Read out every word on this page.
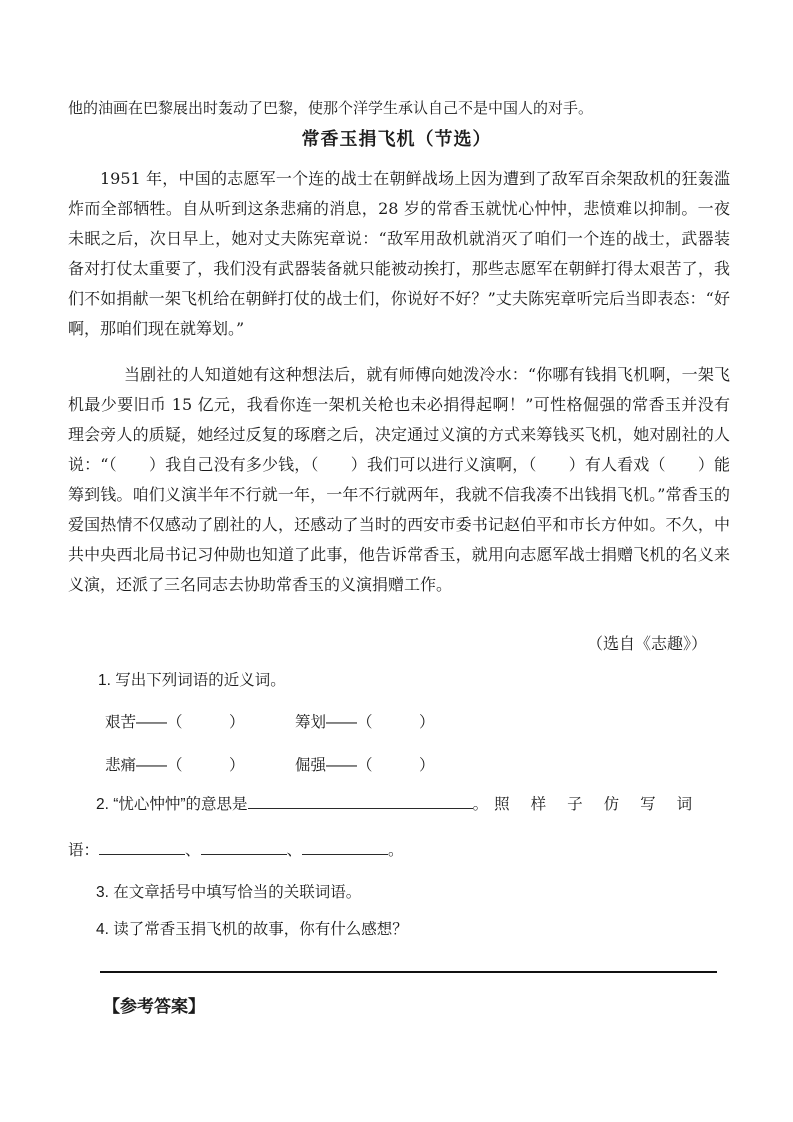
他的油画在巴黎展出时轰动了巴黎，使那个洋学生承认自己不是中国人的对手。

常香玉捐飞机（节选）

1951 年，中国的志愿军一个连的战士在朝鲜战场上因为遭到了敌军百余架敌机的狂轰滥炸而全部牺牲。自从听到这条悲痛的消息，28 岁的常香玉就忧心忡忡，悲愤难以抑制。一夜未眠之后，次日早上，她对丈夫陈宪章说：“敌军用敌机就消灭了咱们一个连的战士，武器装备对打仗太重要了，我们没有武器装备就只能被动挨打，那些志愿军在朝鲜打得太艰苦了，我们不如捐献一架飞机给在朝鲜打仗的战士们，你说好不好？”丈夫陈宪章听完后当即表态：“好啊，那咱们现在就筹划。”

当剧社的人知道她有这种想法后，就有师傅向她泼冷水：“你哪有钱捐飞机啊，一架飞机最少要旧币 15 亿元，我看你连一架机关枪也未必捐得起啊！”可性格倔强的常香玉并没有理会旁人的质疑，她经过反复的琢磨之后，决定通过义演的方式来筹钱买飞机，她对剧社的人说：“（　　）我自己没有多少钱，（　　）我们可以进行义演啊，（　　）有人看戏（　　）能筹到钱。咱们义演半年不行就一年，一年不行就两年，我就不信我凑不出钱捐飞机。”常香玉的爱国热情不仅感动了剧社的人，还感动了当时的西安市委书记赵伯平和市长方仲如。不久，中共中央西北局书记习仲勋也知道了此事，他告诉常香玉，就用向志愿军战士捐赠飞机的名义来义演，还派了三名同志去协助常香玉的义演捐赠工作。

（选自《志趣》）

1. 写出下列词语的近义词。
艰苦——（　　　）	筹划——（　　　）
悲痛——（　　　）	倔强——（　　　）
2. “忧心忡忡”的意思是	。 照样子仿写词
语：	、	、	。
3. 在文章括号中填写恰当的关联词语。
4. 读了常香玉捐飞机的故事，你有什么感想？
【参考答案】
